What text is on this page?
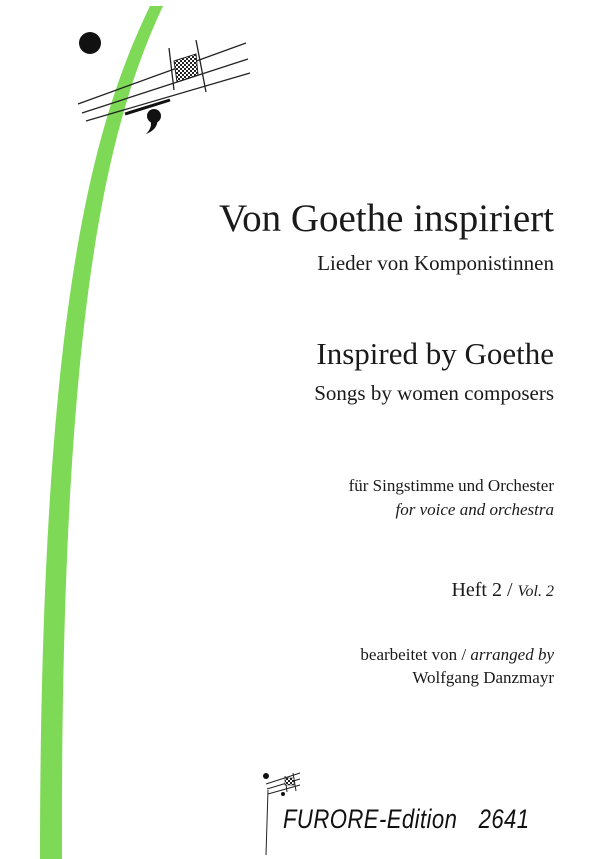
Von Goethe inspiriert
Lieder von Komponistinnen
Inspired by Goethe
Songs by women composers
für Singstimme und Orchester
for voice and orchestra
Heft 2 / Vol. 2
bearbeitet von / arranged by
Wolfgang Danzmayr
FURORE-Edition 2641
